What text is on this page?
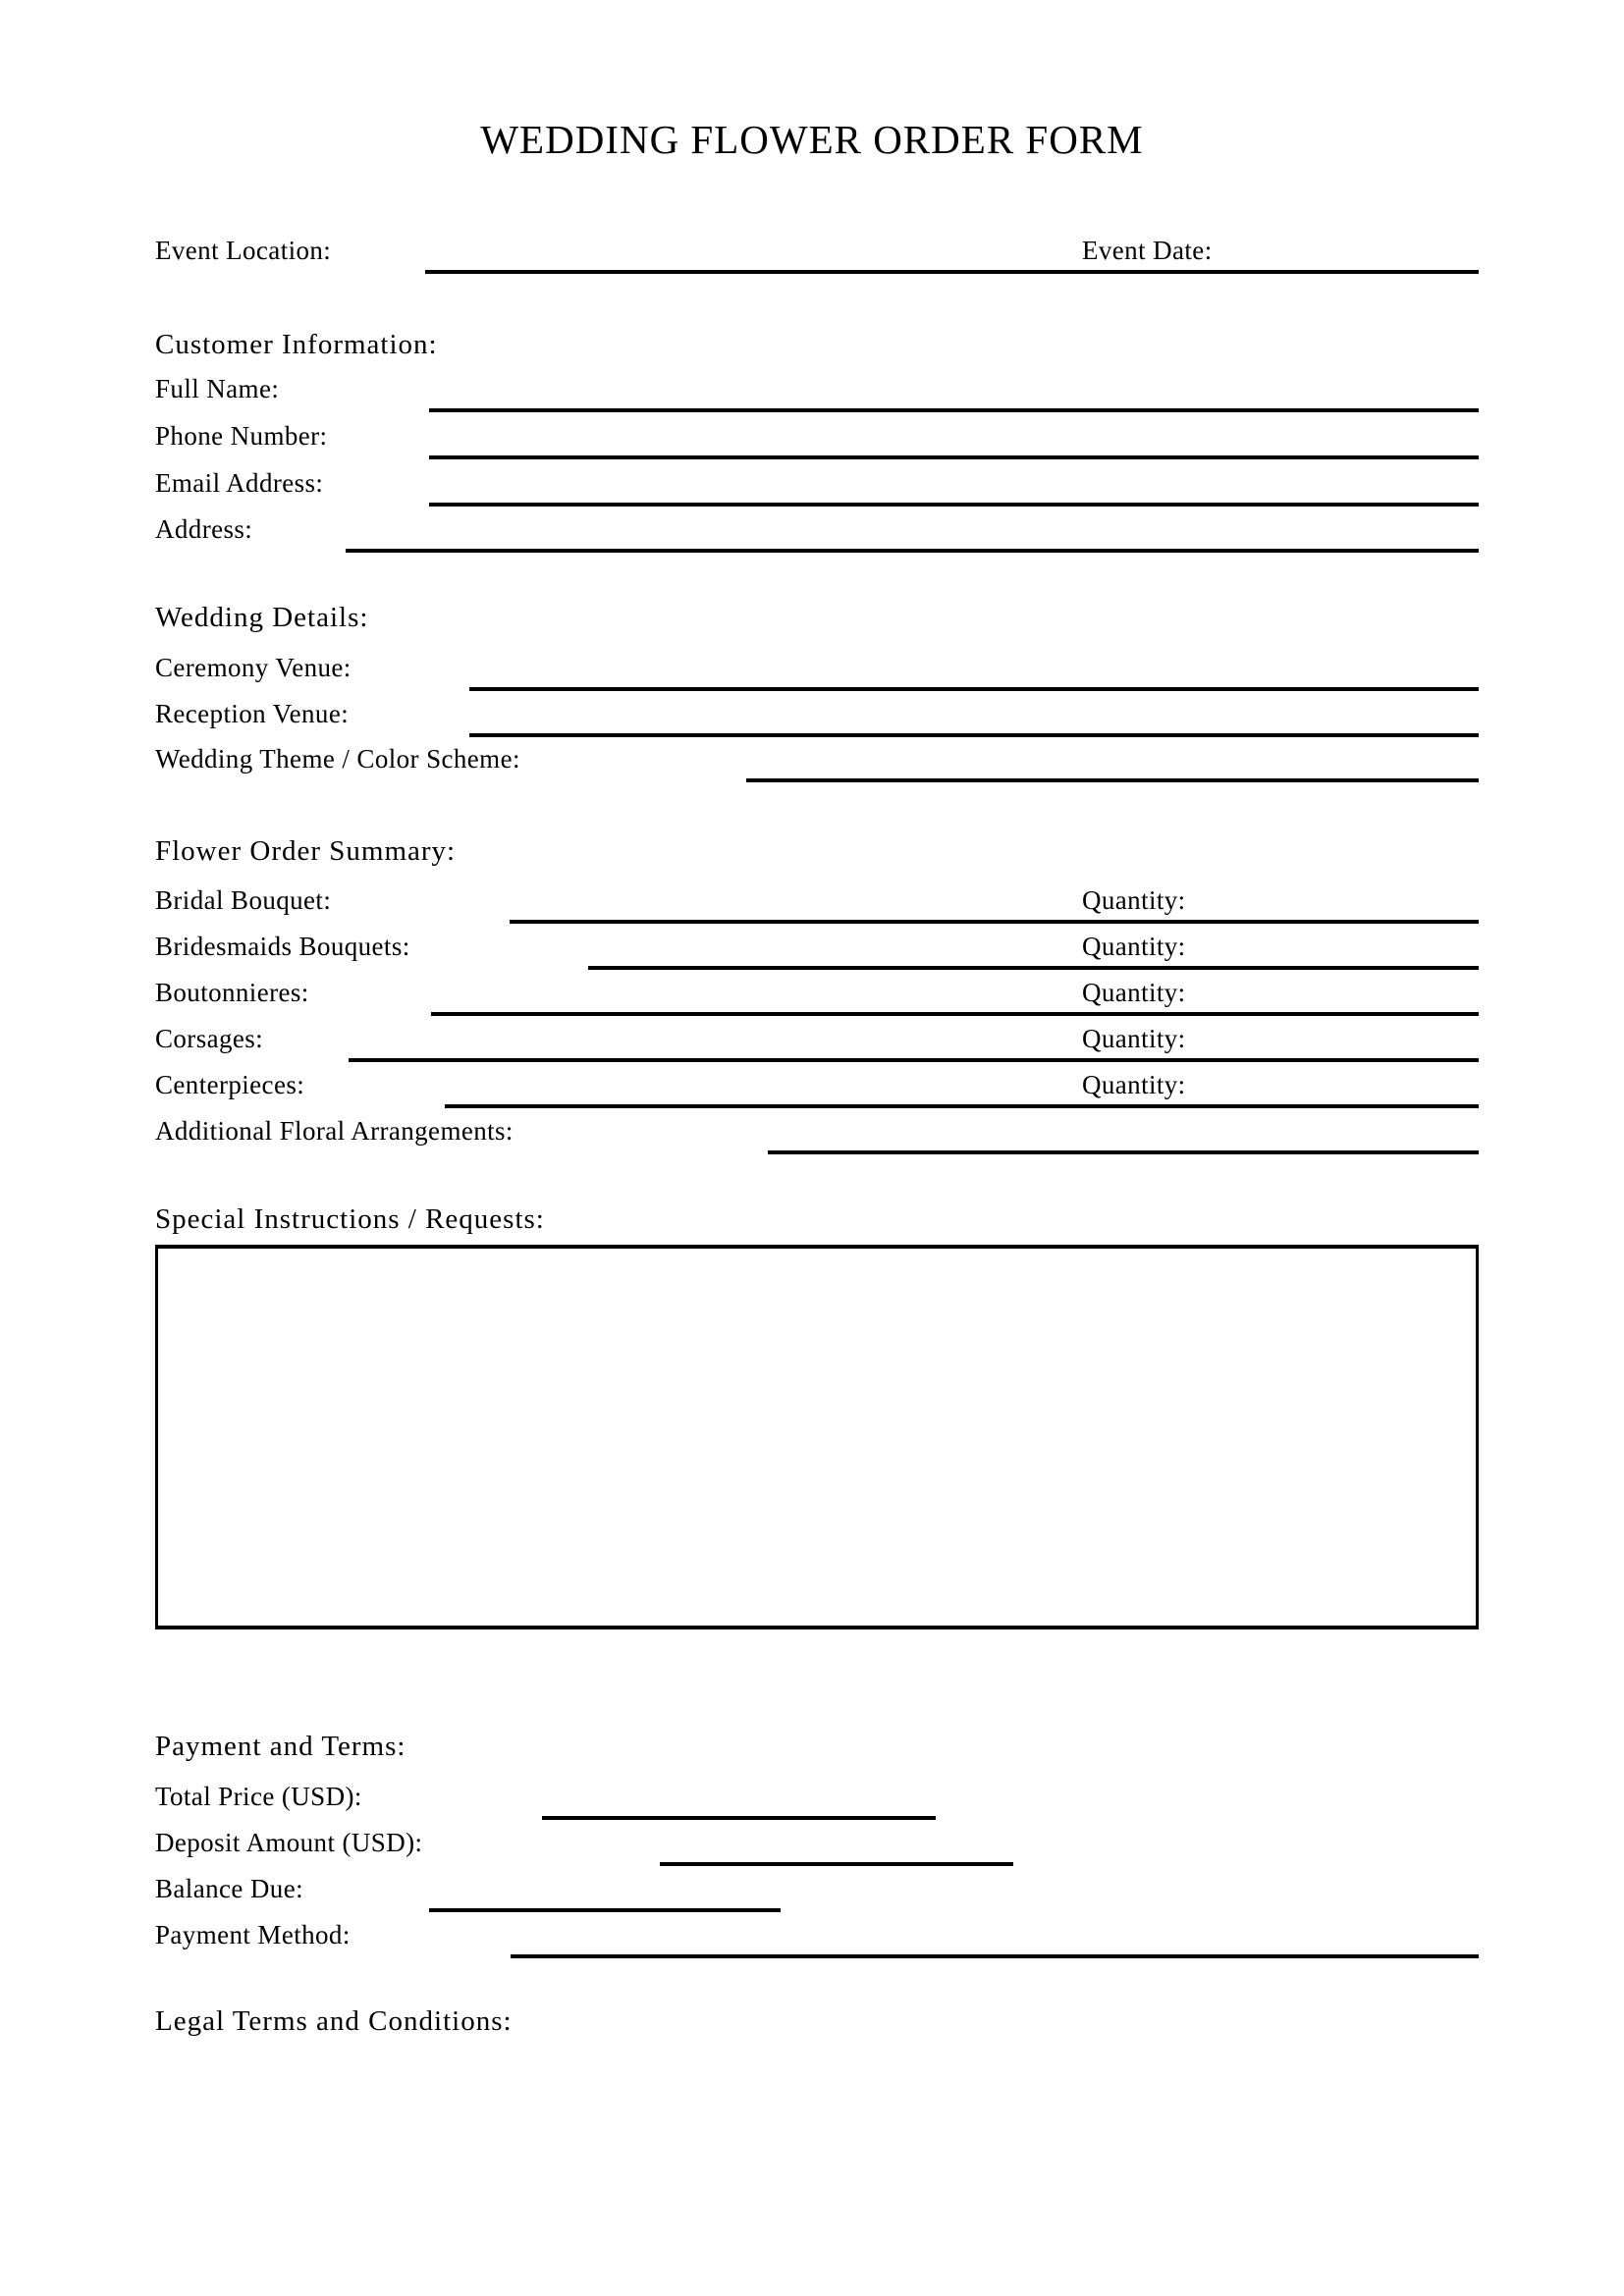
WEDDING FLOWER ORDER FORM
Event Location:	Event Date:
Customer Information:
Full Name:
Phone Number:
Email Address:
Address:
Wedding Details:
Ceremony Venue:
Reception Venue:
Wedding Theme / Color Scheme:
Flower Order Summary:
Bridal Bouquet:	Quantity:
Bridesmaids Bouquets:	Quantity:
Boutonnieres:	Quantity:
Corsages:	Quantity:
Centerpieces:	Quantity:
Additional Floral Arrangements:
Special Instructions / Requests:
Payment and Terms:
Total Price (USD):
Deposit Amount (USD):
Balance Due:
Payment Method:
Legal Terms and Conditions:
